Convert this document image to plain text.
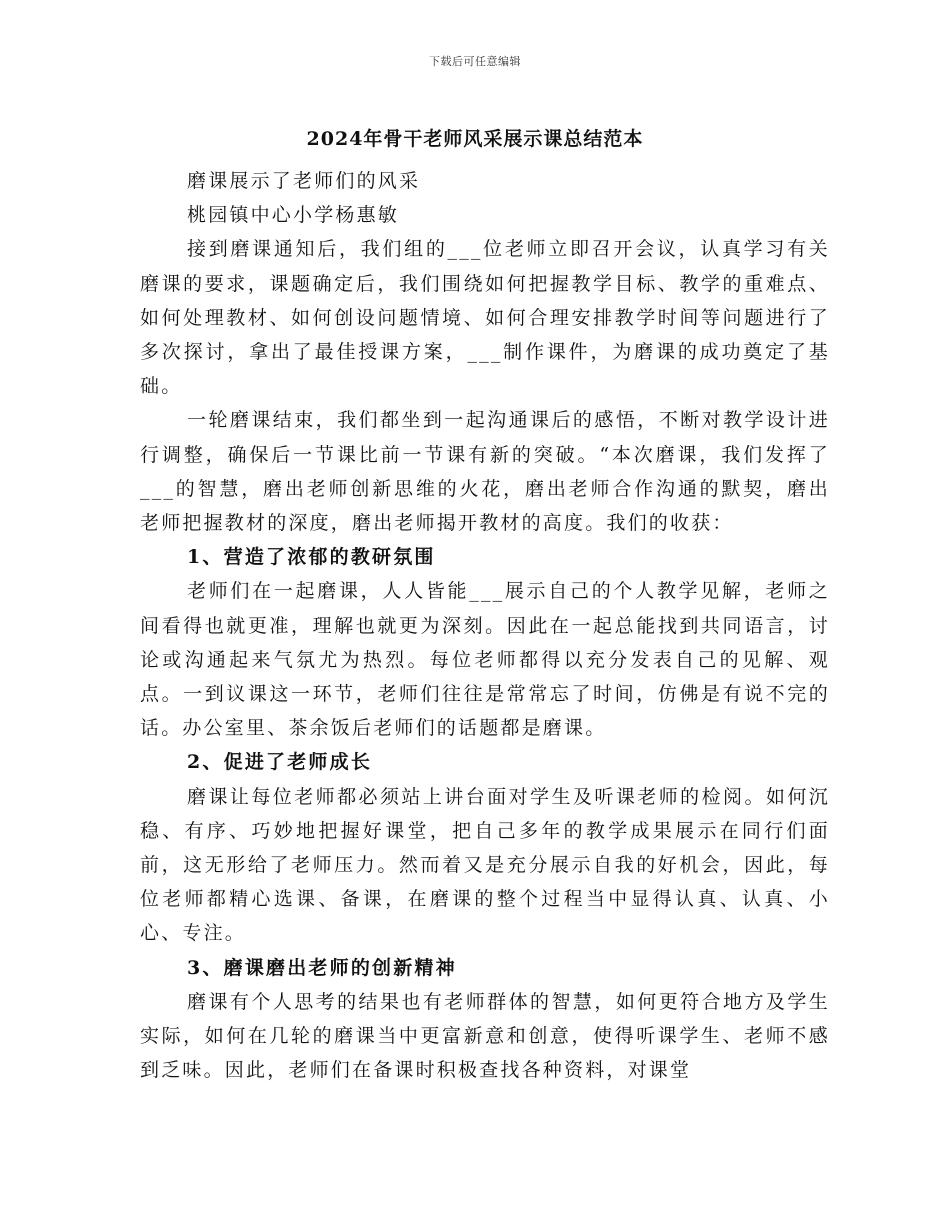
下载后可任意编辑
2024年骨干老师风采展示课总结范本

磨课展示了老师们的风采

桃园镇中心小学杨惠敏

接到磨课通知后，我们组的___位老师立即召开会议，认真学习有关磨课的要求，课题确定后，我们围绕如何把握教学目标、教学的重难点、如何处理教材、如何创设问题情境、如何合理安排教学时间等问题进行了多次探讨，拿出了最佳授课方案，___制作课件，为磨课的成功奠定了基础。

一轮磨课结束，我们都坐到一起沟通课后的感悟，不断对教学设计进行调整，确保后一节课比前一节课有新的突破。“本次磨课，我们发挥了___的智慧，磨出老师创新思维的火花，磨出老师合作沟通的默契，磨出老师把握教材的深度，磨出老师揭开教材的高度。我们的收获：

1、营造了浓郁的教研氛围

老师们在一起磨课，人人皆能___展示自己的个人教学见解，老师之间看得也就更准，理解也就更为深刻。因此在一起总能找到共同语言，讨论或沟通起来气氛尤为热烈。每位老师都得以充分发表自己的见解、观点。一到议课这一环节，老师们往往是常常忘了时间，仿佛是有说不完的话。办公室里、茶余饭后老师们的话题都是磨课。

2、促进了老师成长

磨课让每位老师都必须站上讲台面对学生及听课老师的检阅。如何沉稳、有序、巧妙地把握好课堂，把自己多年的教学成果展示在同行们面前，这无形给了老师压力。然而着又是充分展示自我的好机会，因此，每位老师都精心选课、备课，在磨课的整个过程当中显得认真、认真、小心、专注。

3、磨课磨出老师的创新精神

磨课有个人思考的结果也有老师群体的智慧，如何更符合地方及学生实际，如何在几轮的磨课当中更富新意和创意，使得听课学生、老师不感到乏味。因此，老师们在备课时积极查找各种资料，对课堂
